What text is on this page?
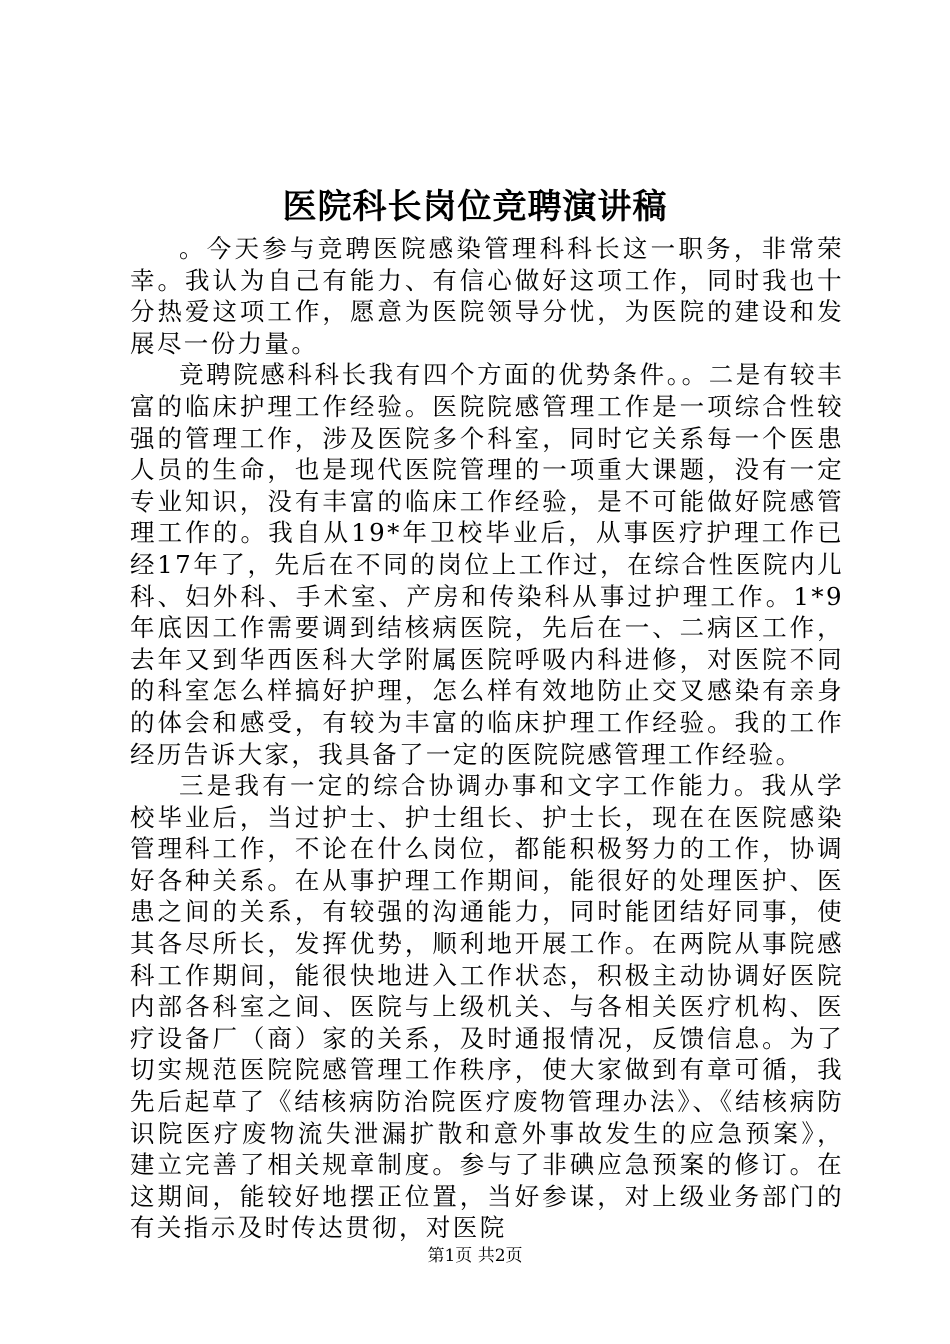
医院科长岗位竞聘演讲稿

。今天参与竞聘医院感染管理科科长这一职务，非常荣幸。我认为自己有能力、有信心做好这项工作，同时我也十分热爱这项工作，愿意为医院领导分忧，为医院的建设和发展尽一份力量。

竞聘院感科科长我有四个方面的优势条件。。二是有较丰富的临床护理工作经验。医院院感管理工作是一项综合性较强的管理工作，涉及医院多个科室，同时它关系每一个医患人员的生命，也是现代医院管理的一项重大课题，没有一定专业知识，没有丰富的临床工作经验，是不可能做好院感管理工作的。我自从19*年卫校毕业后，从事医疗护理工作已经17年了，先后在不同的岗位上工作过，在综合性医院内儿科、妇外科、手术室、产房和传染科从事过护理工作。1*9年底因工作需要调到结核病医院，先后在一、二病区工作，去年又到华西医科大学附属医院呼吸内科进修，对医院不同的科室怎么样搞好护理，怎么样有效地防止交叉感染有亲身的体会和感受，有较为丰富的临床护理工作经验。我的工作经历告诉大家，我具备了一定的医院院感管理工作经验。

三是我有一定的综合协调办事和文字工作能力。我从学校毕业后，当过护士、护士组长、护士长，现在在医院感染管理科工作，不论在什么岗位，都能积极努力的工作，协调好各种关系。在从事护理工作期间，能很好的处理医护、医患之间的关系，有较强的沟通能力，同时能团结好同事，使其各尽所长，发挥优势，顺利地开展工作。在两院从事院感科工作期间，能很快地进入工作状态，积极主动协调好医院内部各科室之间、医院与上级机关、与各相关医疗机构、医疗设备厂（商）家的关系，及时通报情况，反馈信息。为了切实规范医院院感管理工作秩序，使大家做到有章可循，我先后起草了《结核病防治院医疗废物管理办法》、《结核病防识院医疗废物流失泄漏扩散和意外事故发生的应急预案》，建立完善了相关规章制度。参与了非碘应急预案的修订。在这期间，能较好地摆正位置，当好参谋，对上级业务部门的有关指示及时传达贯彻，对医院

第1页 共2页
